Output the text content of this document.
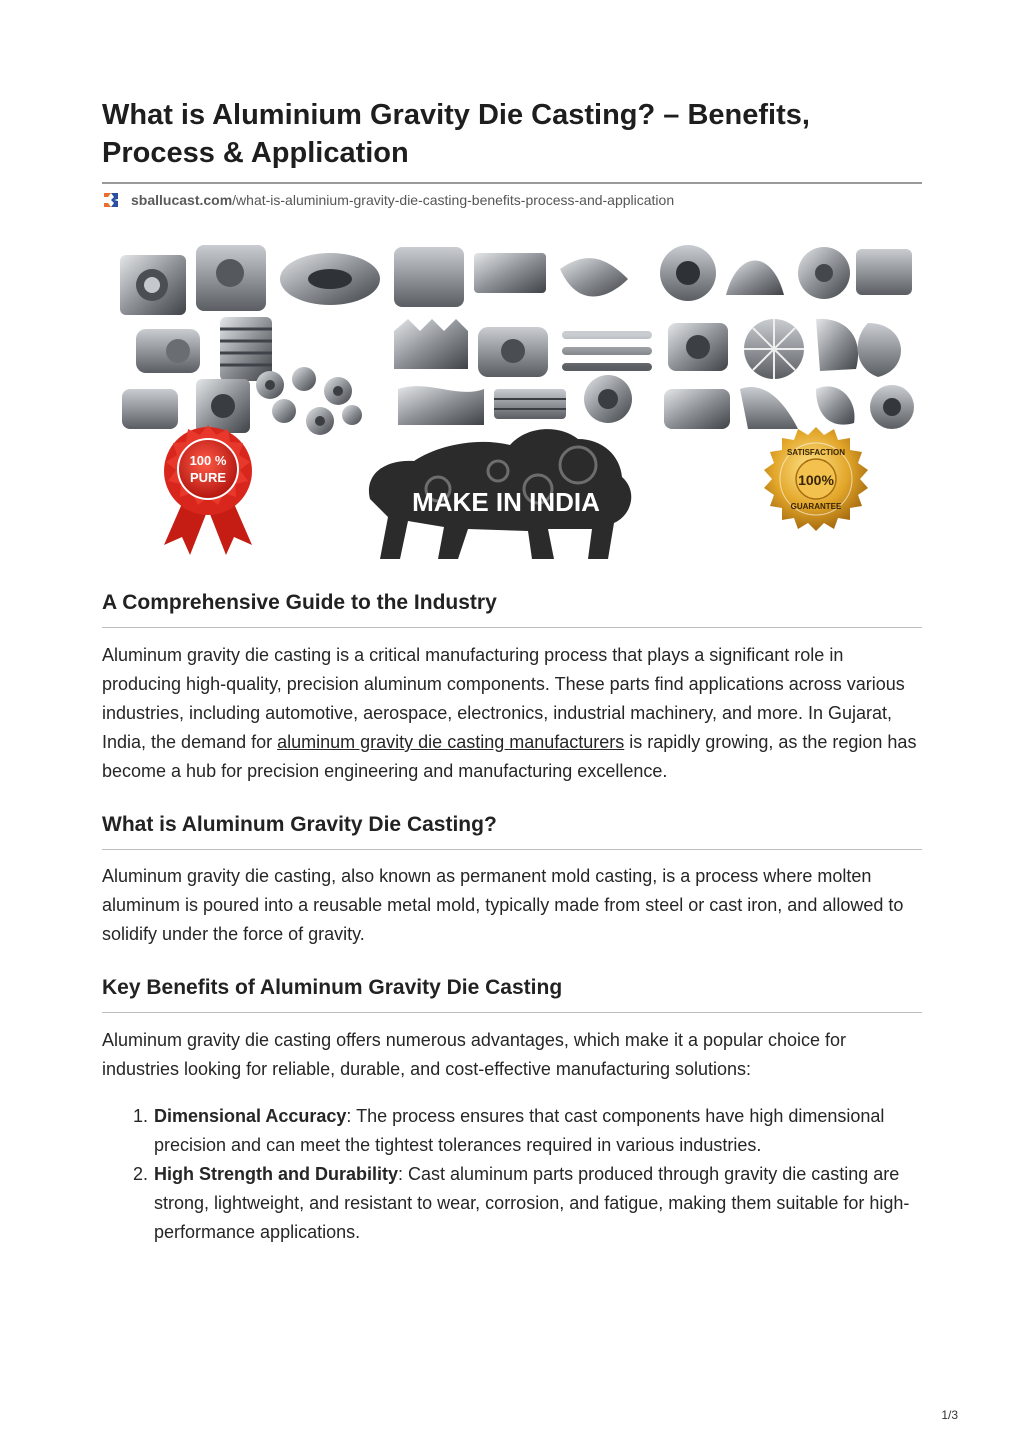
What is Aluminium Gravity Die Casting? – Benefits, Process & Application
sballucast.com /what-is-aluminium-gravity-die-casting-benefits-process-and-application
100 %
PURE
MAKE IN INDIA
SATISFACTION
100%
GUARANTEE
A Comprehensive Guide to the Industry

Aluminum gravity die casting is a critical manufacturing process that plays a significant role in producing high-quality, precision aluminum components. These parts find applications across various industries, including automotive, aerospace, electronics, industrial machinery, and more. In Gujarat, India, the demand for aluminum gravity die casting manufacturers is rapidly growing, as the region has become a hub for precision engineering and manufacturing excellence.

What is Aluminum Gravity Die Casting?

Aluminum gravity die casting, also known as permanent mold casting, is a process where molten aluminum is poured into a reusable metal mold, typically made from steel or cast iron, and allowed to solidify under the force of gravity.

Key Benefits of Aluminum Gravity Die Casting

Aluminum gravity die casting offers numerous advantages, which make it a popular choice for industries looking for reliable, durable, and cost-effective manufacturing solutions:

1. Dimensional Accuracy: The process ensures that cast components have high dimensional precision and can meet the tightest tolerances required in various industries.
2. High Strength and Durability: Cast aluminum parts produced through gravity die casting are strong, lightweight, and resistant to wear, corrosion, and fatigue, making them suitable for high-performance applications.
1/3
